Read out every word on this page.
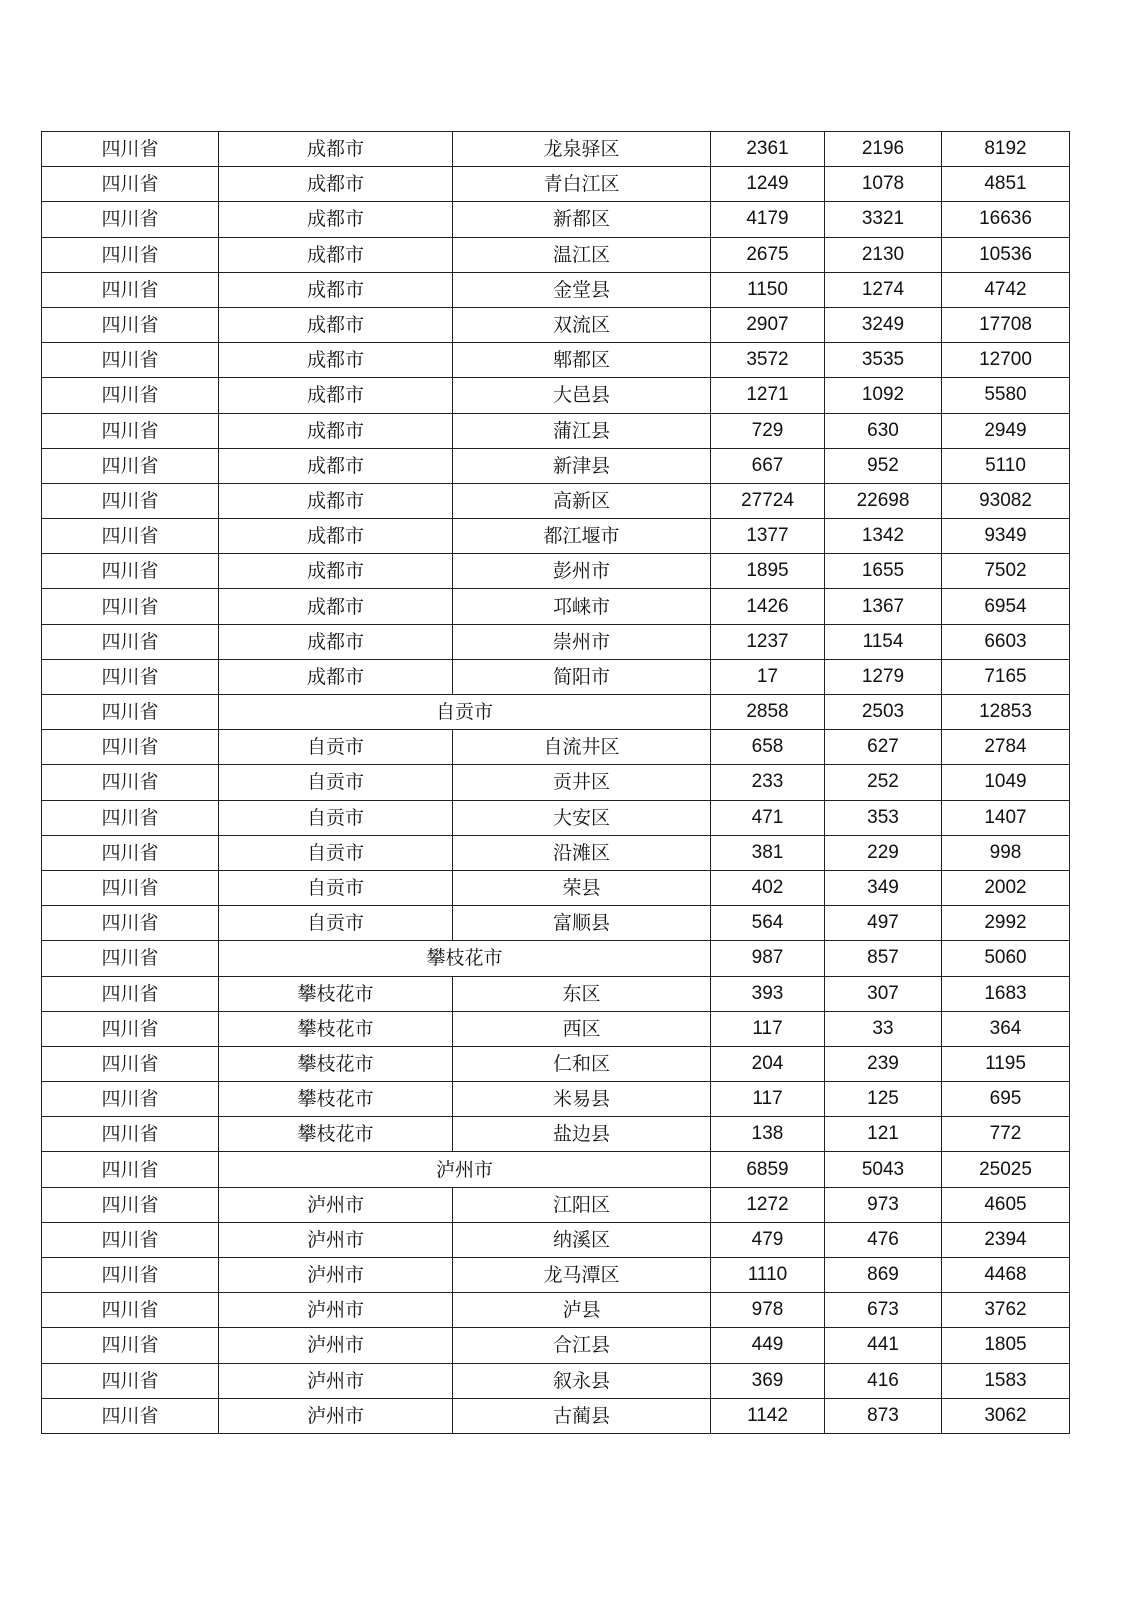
四川省	成都市	龙泉驿区	2361	2196	8192
四川省	成都市	青白江区	1249	1078	4851
四川省	成都市	新都区	4179	3321	16636
四川省	成都市	温江区	2675	2130	10536
四川省	成都市	金堂县	1150	1274	4742
四川省	成都市	双流区	2907	3249	17708
四川省	成都市	郫都区	3572	3535	12700
四川省	成都市	大邑县	1271	1092	5580
四川省	成都市	蒲江县	729	630	2949
四川省	成都市	新津县	667	952	5110
四川省	成都市	高新区	27724	22698	93082
四川省	成都市	都江堰市	1377	1342	9349
四川省	成都市	彭州市	1895	1655	7502
四川省	成都市	邛崃市	1426	1367	6954
四川省	成都市	崇州市	1237	1154	6603
四川省	成都市	简阳市	17	1279	7165
四川省	自贡市		2858	2503	12853
四川省	自贡市	自流井区	658	627	2784
四川省	自贡市	贡井区	233	252	1049
四川省	自贡市	大安区	471	353	1407
四川省	自贡市	沿滩区	381	229	998
四川省	自贡市	荣县	402	349	2002
四川省	自贡市	富顺县	564	497	2992
四川省	攀枝花市		987	857	5060
四川省	攀枝花市	东区	393	307	1683
四川省	攀枝花市	西区	117	33	364
四川省	攀枝花市	仁和区	204	239	1195
四川省	攀枝花市	米易县	117	125	695
四川省	攀枝花市	盐边县	138	121	772
四川省	泸州市		6859	5043	25025
四川省	泸州市	江阳区	1272	973	4605
四川省	泸州市	纳溪区	479	476	2394
四川省	泸州市	龙马潭区	1110	869	4468
四川省	泸州市	泸县	978	673	3762
四川省	泸州市	合江县	449	441	1805
四川省	泸州市	叙永县	369	416	1583
四川省	泸州市	古蔺县	1142	873	3062
